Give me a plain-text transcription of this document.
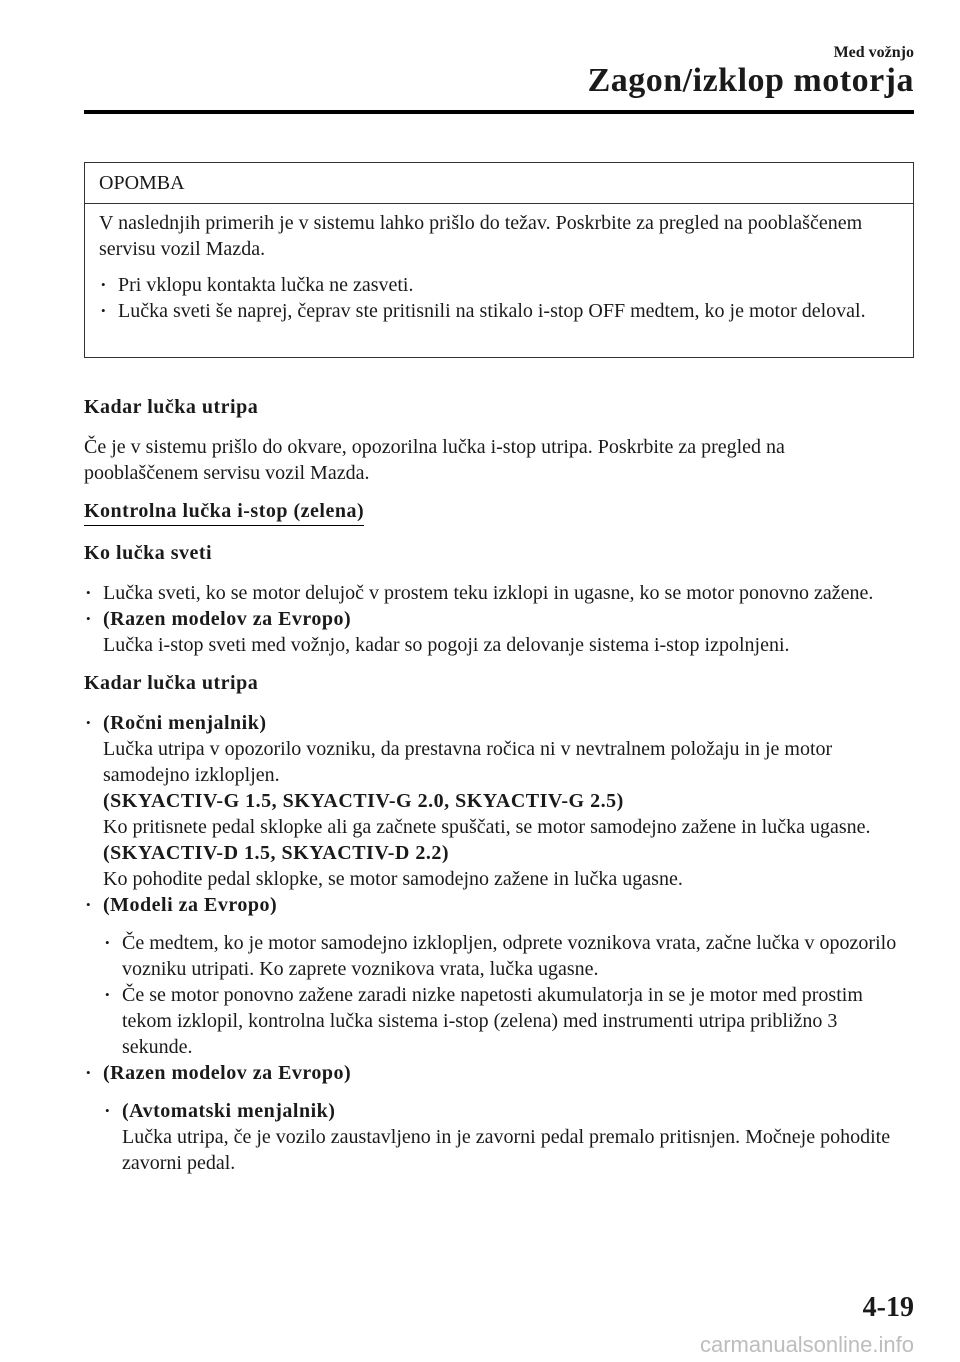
Med vožnjo
Zagon/izklop motorja
OPOMBA

V naslednjih primerih je v sistemu lahko prišlo do težav. Poskrbite za pregled na pooblaščenem servisu vozil Mazda.

• Pri vklopu kontakta lučka ne zasveti.
• Lučka sveti še naprej, čeprav ste pritisnili na stikalo i-stop OFF medtem, ko je motor deloval.
Kadar lučka utripa
Če je v sistemu prišlo do okvare, opozorilna lučka i-stop utripa. Poskrbite za pregled na pooblaščenem servisu vozil Mazda.
Kontrolna lučka i-stop (zelena)
Ko lučka sveti
• Lučka sveti, ko se motor delujoč v prostem teku izklopi in ugasne, ko se motor ponovno zažene.
• (Razen modelov za Evropo)
Lučka i-stop sveti med vožnjo, kadar so pogoji za delovanje sistema i-stop izpolnjeni.
Kadar lučka utripa
• (Ročni menjalnik)
Lučka utripa v opozorilo vozniku, da prestavna ročica ni v nevtralnem položaju in je motor samodejno izklopljen.
(SKYACTIV-G 1.5, SKYACTIV-G 2.0, SKYACTIV-G 2.5)
Ko pritisnete pedal sklopke ali ga začnete spuščati, se motor samodejno zažene in lučka ugasne.
(SKYACTIV-D 1.5, SKYACTIV-D 2.2)
Ko pohodite pedal sklopke, se motor samodejno zažene in lučka ugasne.
• (Modeli za Evropo)
• Če medtem, ko je motor samodejno izklopljen, odprete voznikova vrata, začne lučka v opozorilo vozniku utripati. Ko zaprete voznikova vrata, lučka ugasne.
• Če se motor ponovno zažene zaradi nizke napetosti akumulatorja in se je motor med prostim tekom izklopil, kontrolna lučka sistema i-stop (zelena) med instrumenti utripa približno 3 sekunde.
• (Razen modelov za Evropo)
• (Avtomatski menjalnik)
Lučka utripa, če je vozilo zaustavljeno in je zavorni pedal premalo pritisnjen. Močneje pohodite zavorni pedal.
4-19
carmanualsonline.info
